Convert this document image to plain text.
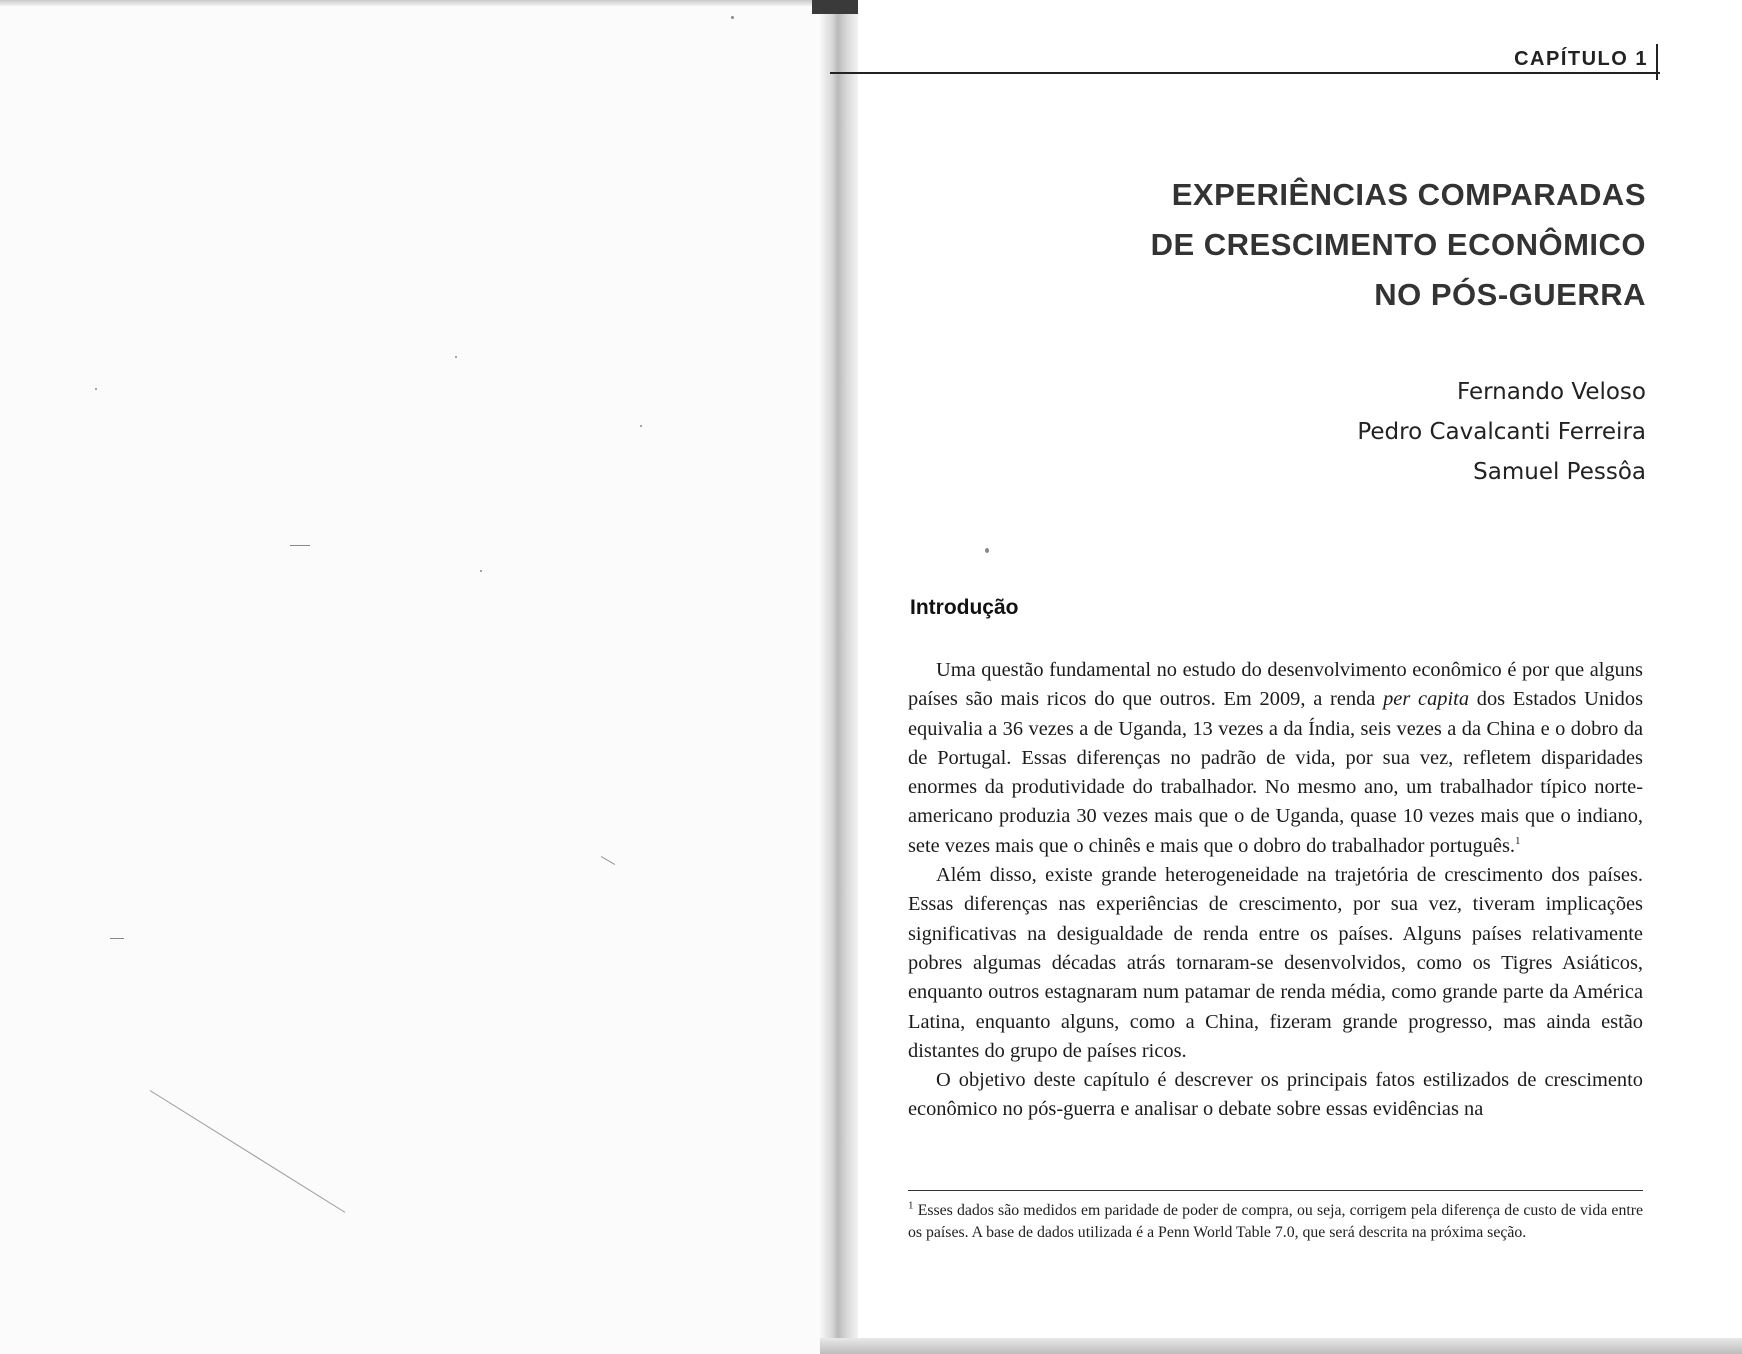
CAPÍTULO 1
EXPERIÊNCIAS COMPARADAS
DE CRESCIMENTO ECONÔMICO
NO PÓS-GUERRA
Fernando Veloso
Pedro Cavalcanti Ferreira
Samuel Pessôa
Introdução

Uma questão fundamental no estudo do desenvolvimento econômico é por que alguns países são mais ricos do que outros. Em 2009, a renda per capita dos Estados Unidos equivalia a 36 vezes a de Uganda, 13 vezes a da Índia, seis vezes a da China e o dobro da de Portugal. Essas diferenças no padrão de vida, por sua vez, refletem disparidades enormes da produtividade do trabalhador. No mesmo ano, um trabalhador típico norte-americano produzia 30 vezes mais que o de Uganda, quase 10 vezes mais que o indiano, sete vezes mais que o chinês e mais que o dobro do trabalhador português.$^1$

Além disso, existe grande heterogeneidade na trajetória de crescimento dos países. Essas diferenças nas experiências de crescimento, por sua vez, tiveram implicações significativas na desigualdade de renda entre os países. Alguns países relativamente pobres algumas décadas atrás tornaram-se desenvolvidos, como os Tigres Asiáticos, enquanto outros estagnaram num patamar de renda média, como grande parte da América Latina, enquanto alguns, como a China, fizeram grande progresso, mas ainda estão distantes do grupo de países ricos.

O objetivo deste capítulo é descrever os principais fatos estilizados de crescimento econômico no pós-guerra e analisar o debate sobre essas evidências na

$^1$ Esses dados são medidos em paridade de poder de compra, ou seja, corrigem pela diferença de custo de vida entre os países. A base de dados utilizada é a Penn World Table 7.0, que será descrita na próxima seção.
